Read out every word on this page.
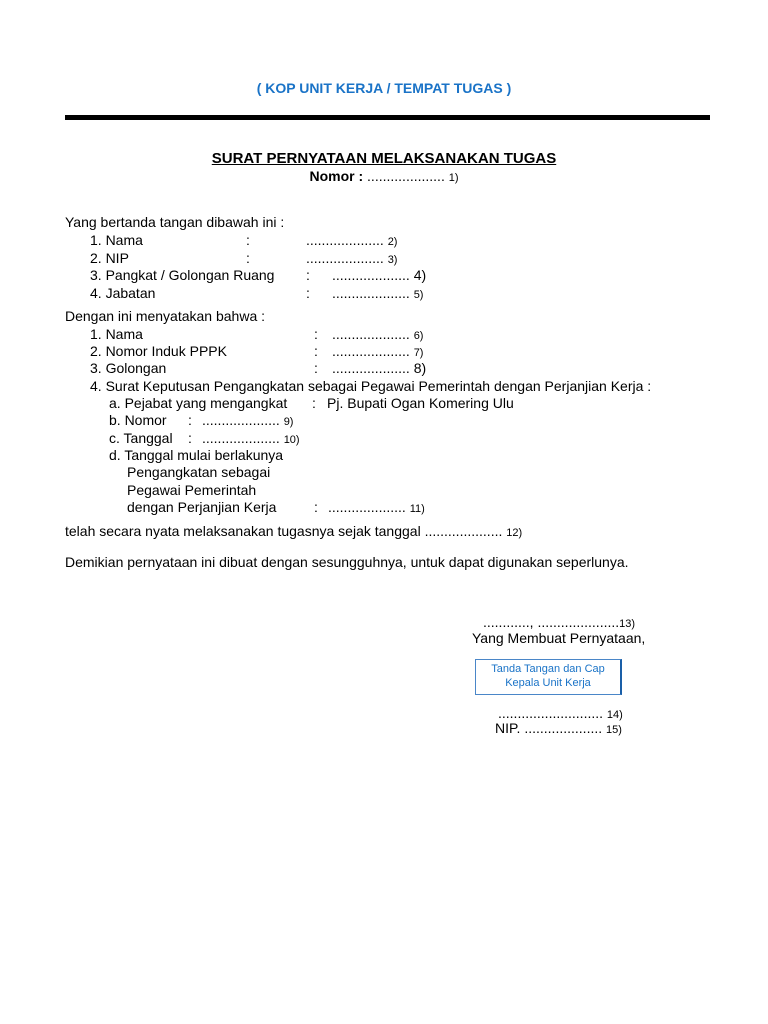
( KOP UNIT KERJA / TEMPAT TUGAS )
SURAT PERNYATAAN MELAKSANAKAN TUGAS
Nomor : .................... 1)
Yang bertanda tangan dibawah ini :
1. Nama	:	.................... 2)
2. NIP	:	.................... 3)
3. Pangkat / Golongan Ruang : .................... 4)
4. Jabatan	: .................... 5)
Dengan ini menyatakan bahwa :
1. Nama	: .................... 6)
2. Nomor Induk PPPK	: .................... 7)
3. Golongan	: .................... 8)
4. Surat Keputusan Pengangkatan sebagai Pegawai Pemerintah dengan Perjanjian Kerja :
a. Pejabat yang mengangkat : Pj. Bupati Ogan Komering Ulu
b. Nomor : .................... 9)
c. Tanggal : .................... 10)
d. Tanggal mulai berlakunya
Pengangkatan sebagai
Pegawai Pemerintah
dengan Perjanjian Kerja	: .................... 11)
telah secara nyata melaksanakan tugasnya sejak tanggal .................... 12)
Demikian pernyataan ini dibuat dengan sesungguhnya, untuk dapat digunakan seperlunya.
............, .....................13)
Yang Membuat Pernyataan,
Tanda Tangan dan Cap
Kepala Unit Kerja
........................... 14)
NIP. .................... 15)
